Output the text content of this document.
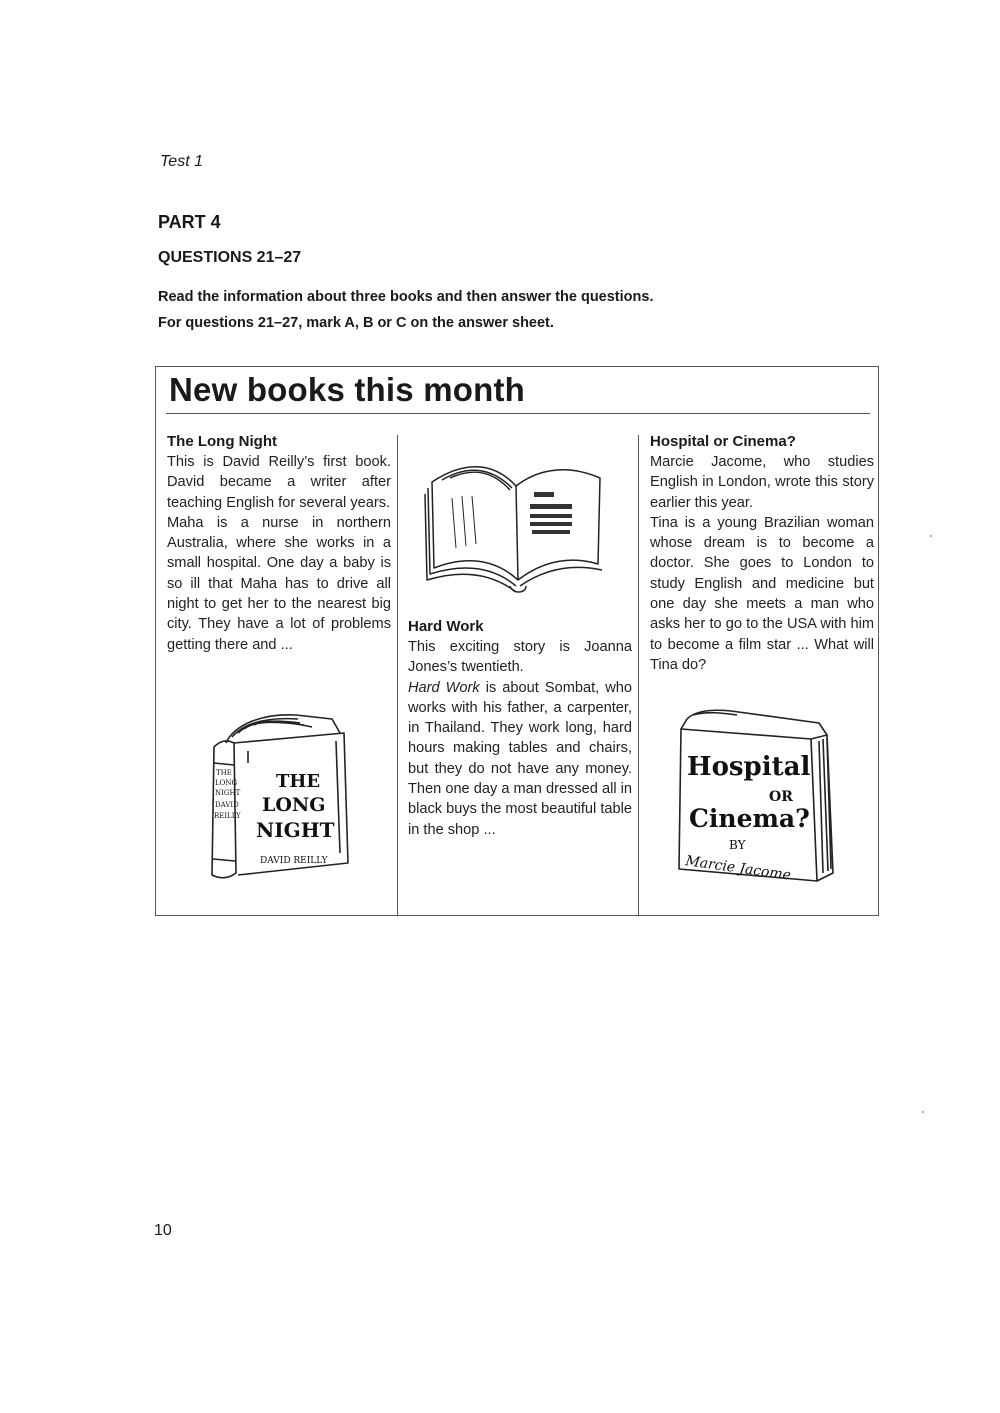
Test 1
PART 4
QUESTIONS 21–27
Read the information about three books and then answer the questions.
For questions 21–27, mark A, B or C on the answer sheet.
New books this month
The Long Night

This is David Reilly’s first book. David became a writer after teaching English for several years.

Maha is a nurse in northern Australia, where she works in a small hospital. One day a baby is so ill that Maha has to drive all night to get her to the nearest big city. They have a lot of problems getting there and ...

THE
LONG
NIGHT
DAVID
REILLY
THE
LONG
NIGHT
DAVID REILLY
Hard Work

This exciting story is Joanna Jones’s twentieth.

Hard Work is about Sombat, who works with his father, a carpenter, in Thailand. They work long, hard hours making tables and chairs, but they do not have any money. Then one day a man dressed all in black buys the most beautiful table in the shop ...

Hospital or Cinema?

Marcie Jacome, who studies English in London, wrote this story earlier this year.

Tina is a young Brazilian woman whose dream is to become a doctor. She goes to London to study English and medicine but one day she meets a man who asks her to go to the USA with him to become a film star ... What will Tina do?

Hospital
OR
Cinema?
BY
Marcie Jacome
10
